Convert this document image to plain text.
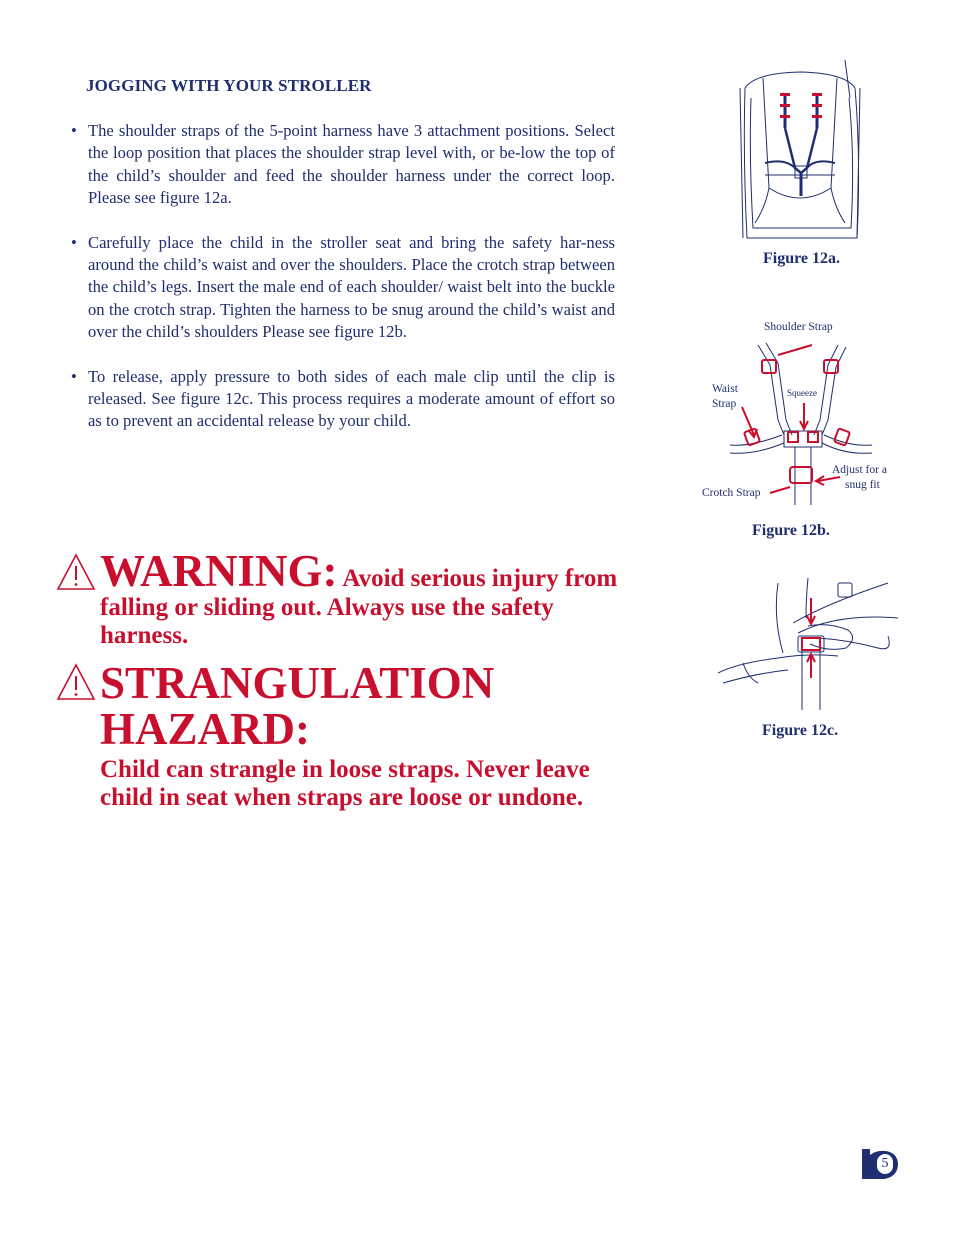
JOGGING WITH YOUR STROLLER
• The shoulder straps of the 5-point harness have 3 attachment positions. Select the loop position that places the shoulder strap level with, or be-low the top of the child’s shoulder and feed the shoulder harness under the correct loop. Please see figure 12a.
• Carefully place the child in the stroller seat and bring the safety har-ness around the child’s waist and over the shoulders. Place the crotch strap between the child’s legs. Insert the male end of each shoulder/ waist belt into the buckle on the crotch strap. Tighten the harness to be snug around the child’s waist and over the child’s shoulders Please see figure 12b.
• To release, apply pressure to both sides of each male clip until the clip is released. See figure 12c. This process requires a moderate amount of effort so as to prevent an accidental release by your child.
WARNING: Avoid serious injury from
falling or sliding out. Always use the safety harness.
STRANGULATION HAZARD:
Child can strangle in loose straps. Never leave child in seat when straps are loose or undone.
Figure 12a.
Shoulder Strap
Waist
Strap
Squeeze
Adjust for a
snug fit
Crotch Strap
Figure 12b.
Figure 12c.
5
